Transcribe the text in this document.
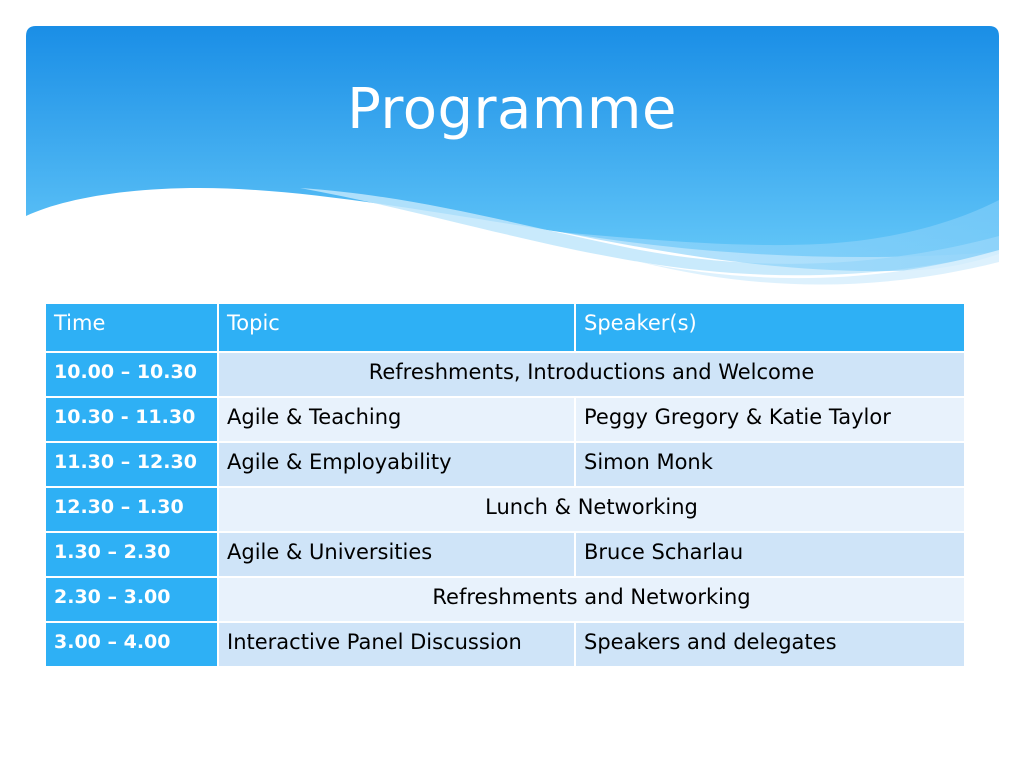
Programme
Time	Topic	Speaker(s)
10.00 – 10.30	Refreshments, Introductions and Welcome	
10.30 - 11.30	Agile & Teaching	Peggy Gregory & Katie Taylor
11.30 – 12.30	Agile & Employability	Simon Monk
12.30 – 1.30	Lunch & Networking	
1.30 – 2.30	Agile & Universities	Bruce Scharlau
2.30 – 3.00	Refreshments and Networking	
3.00 – 4.00	Interactive Panel Discussion	Speakers and delegates
